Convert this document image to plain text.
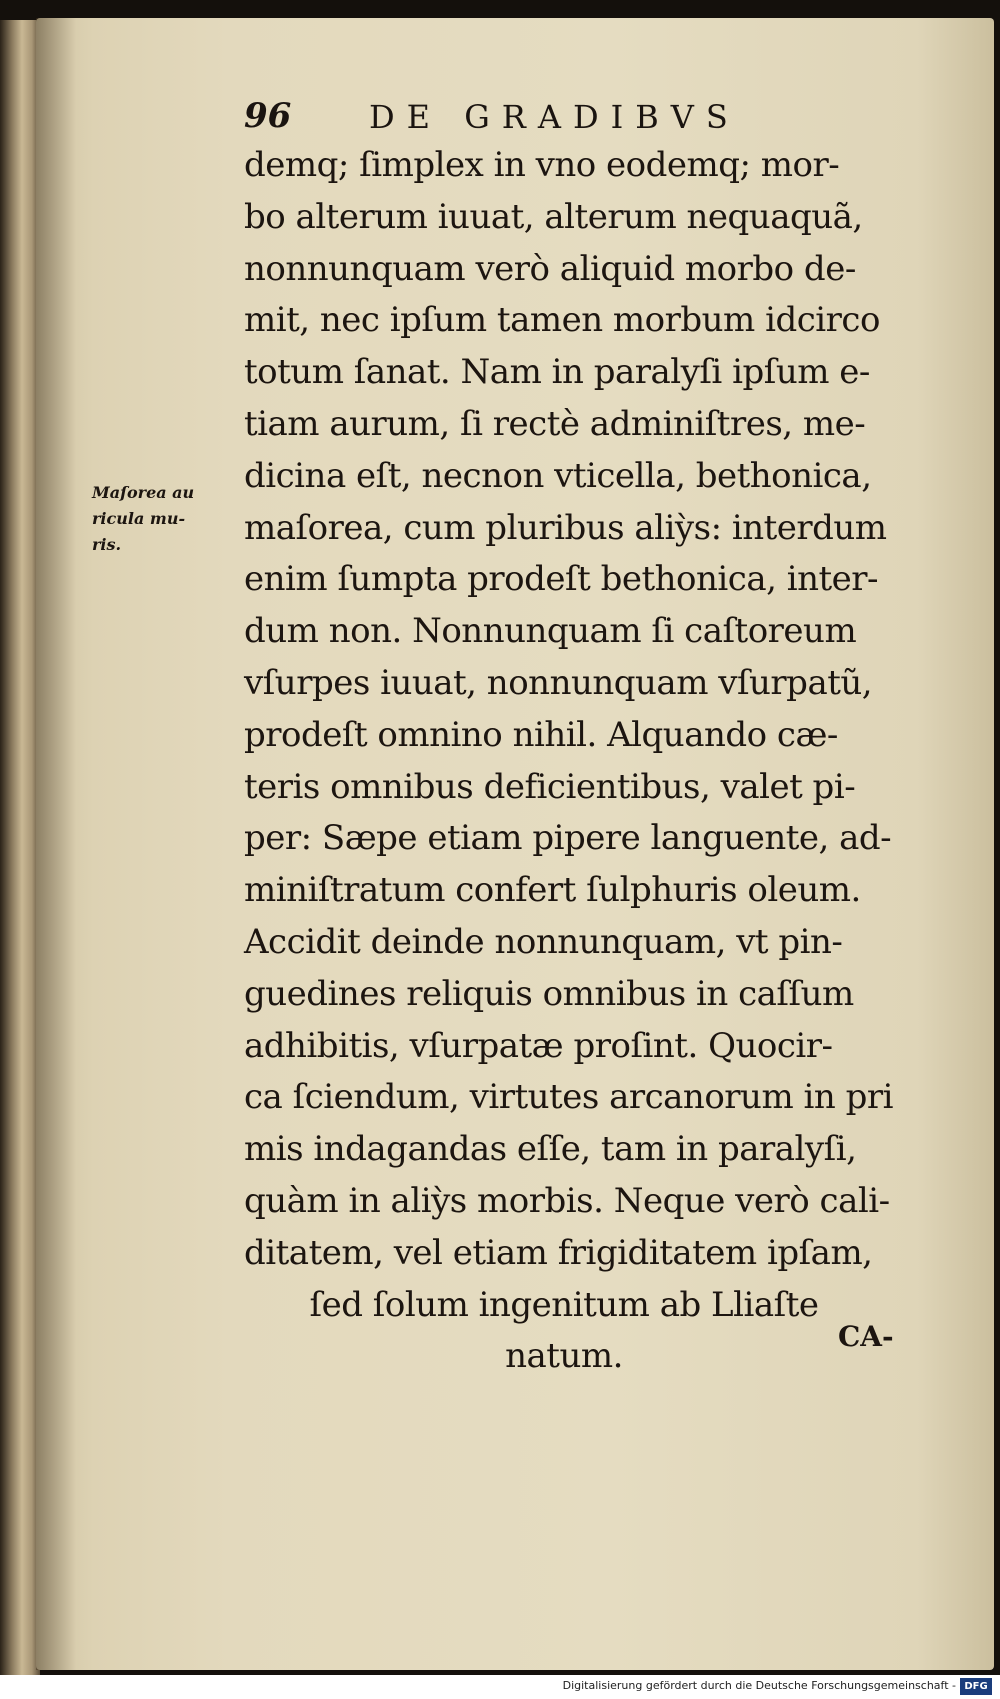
96 DE GRADIBVS
Maſorea au
ricula mu-
ris.
demq; ſimplex in vno eodemq; mor-
bo alterum iuuat, alterum nequaquã,
nonnunquam verò aliquid morbo de-
mit, nec ipſum tamen morbum idcirco
totum ſanat. Nam in paralyſi ipſum e-
tiam aurum, ſi rectè adminiſtres, me-
dicina eſt, necnon vticella, bethonica,
maſorea, cum pluribus aliỳs: interdum
enim ſumpta prodeſt bethonica, inter-
dum non. Nonnunquam ſi caſtoreum
vſurpes iuuat, nonnunquam vſurpatũ,
prodeſt omnino nihil. Alquando cæ-
teris omnibus deficientibus, valet pi-
per: Sæpe etiam pipere languente, ad-
miniſtratum confert ſulphuris oleum.
Accidit deinde nonnunquam, vt pin-
guedines reliquis omnibus in caſſum
adhibitis, vſurpatæ proſint. Quocir-
ca ſciendum, virtutes arcanorum in pri
mis indagandas eſſe, tam in paralyſi,
quàm in aliỳs morbis. Neque verò cali-
ditatem, vel etiam frigiditatem ipſam,
ſed ſolum ingenitum ab Lliaſte
natum.	CA-
Digitalisierung gefördert durch die Deutsche Forschungsgemeinschaft - DFG
